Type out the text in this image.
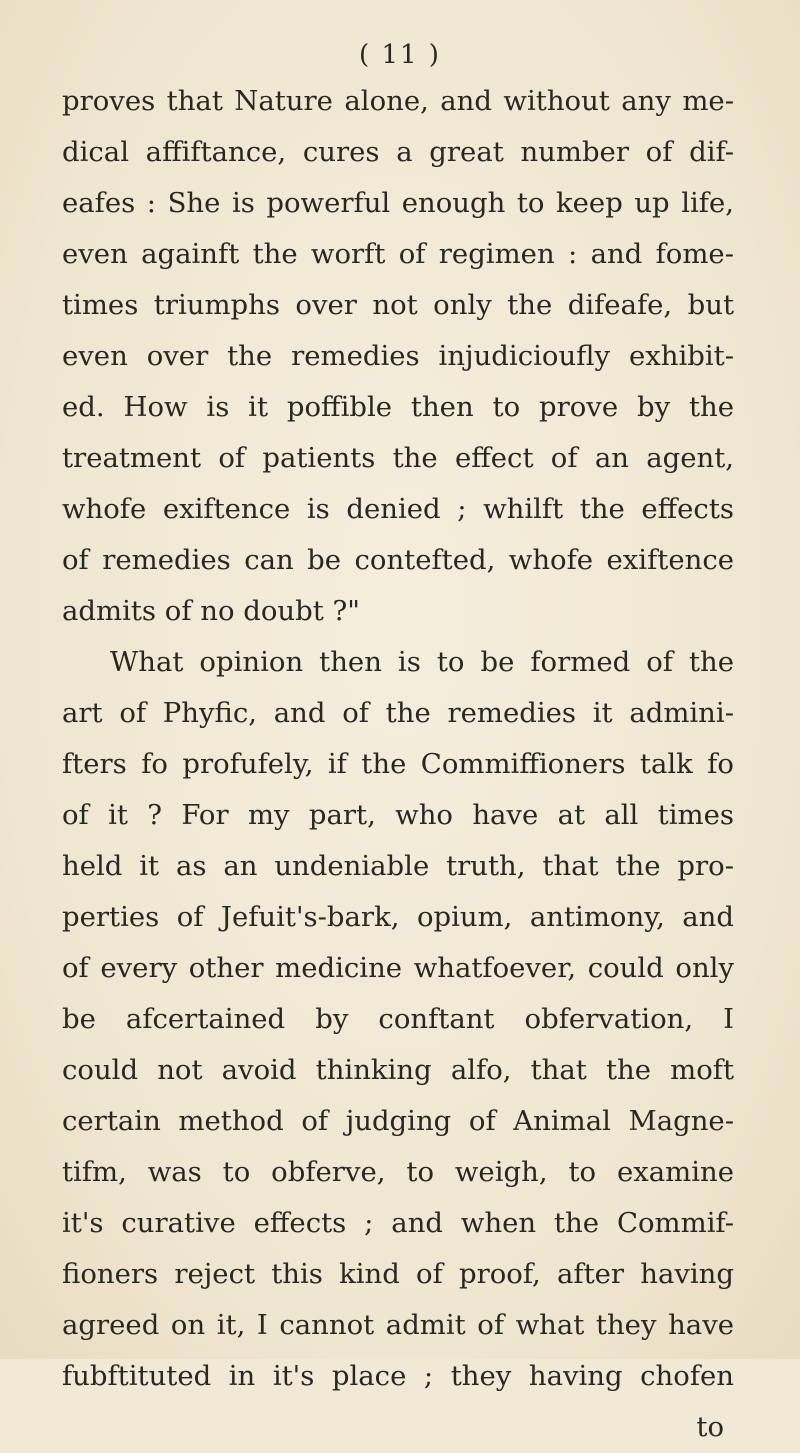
( 11 )
proves that Nature alone, and without any me-
dical affiftance, cures a great number of dif-
eafes : She is powerful enough to keep up life,
even againft the worft of regimen : and fome-
times triumphs over not only the difeafe, but
even over the remedies injudicioufly exhibit-
ed. How is it poffible then to prove by the
treatment of patients the effect of an agent,
whofe exiftence is denied ; whilft the effects
of remedies can be contefted, whofe exiftence
admits of no doubt ?"
What opinion then is to be formed of the
art of Phyfic, and of the remedies it admini-
fters fo profufely, if the Commiffioners talk fo
of it ? For my part, who have at all times
held it as an undeniable truth, that the pro-
perties of Jefuit's-bark, opium, antimony, and
of every other medicine whatfoever, could only
be afcertained by conftant obfervation, I
could not avoid thinking alfo, that the moft
certain method of judging of Animal Magne-
tifm, was to obferve, to weigh, to examine
it's curative effects ; and when the Commif-
fioners reject this kind of proof, after having
agreed on it, I cannot admit of what they have
fubftituted in it's place ; they having chofen
to
